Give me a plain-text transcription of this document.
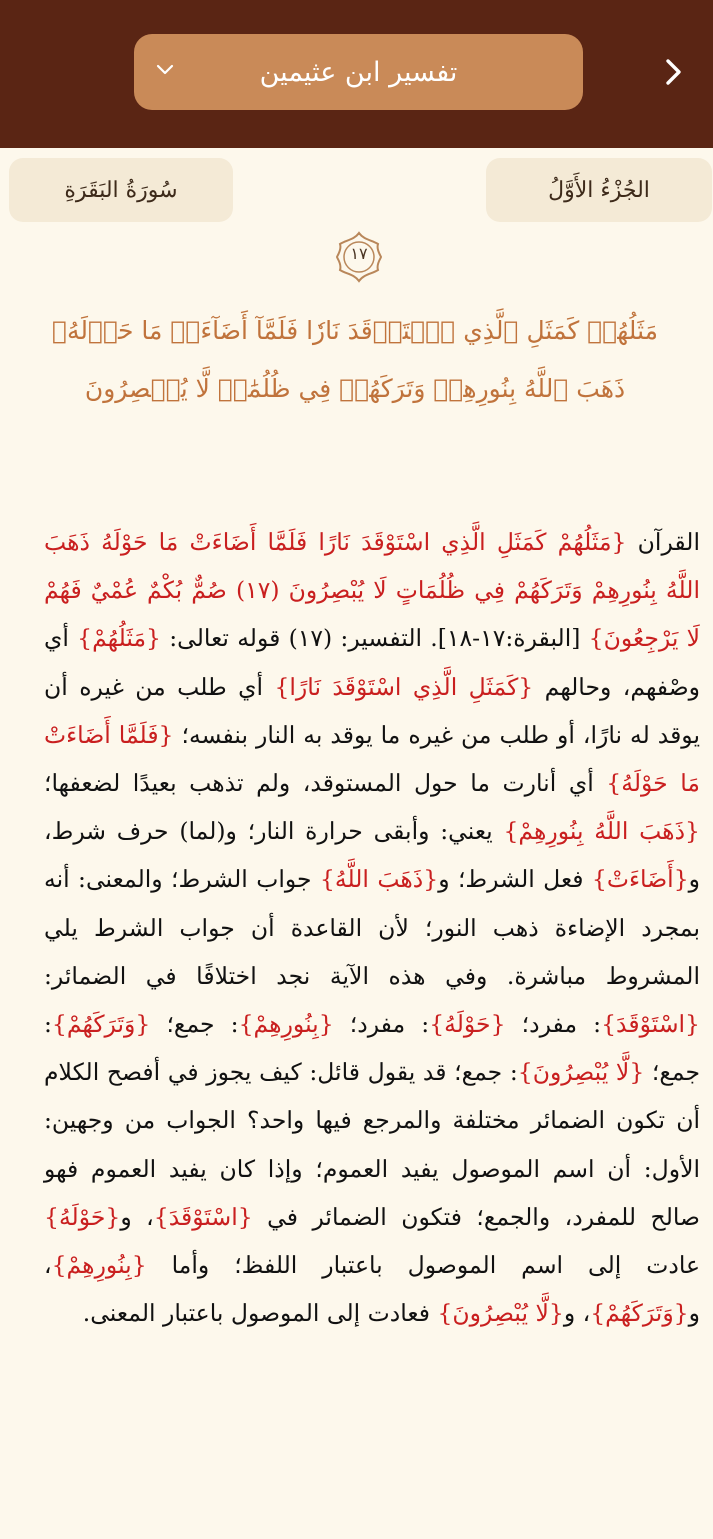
تفسير ابن عثيمين
الجُزْءُ الأَوَّلُ
سُورَةُ البَقَرَةِ
١٧
مَثَلُهُمۡ كَمَثَلِ ٱلَّذِي ٱسۡتَوۡقَدَ نَارٗا فَلَمَّآ أَضَآءَتۡ مَا حَوۡلَهُۥ ذَهَبَ ٱللَّهُ بِنُورِهِمۡ وَتَرَكَهُمۡ فِي ظُلُمَٰتٖ لَّا يُبۡصِرُونَ
القرآن {مَثَلُهُمْ كَمَثَلِ الَّذِي اسْتَوْقَدَ نَارًا فَلَمَّا أَضَاءَتْ مَا حَوْلَهُ ذَهَبَ اللَّهُ بِنُورِهِمْ وَتَرَكَهُمْ فِي ظُلُمَاتٍ لَا يُبْصِرُونَ (١٧) صُمٌّ بُكْمٌ عُمْيٌ فَهُمْ لَا يَرْجِعُونَ} [البقرة:١٧-١٨]. التفسير: (١٧) قوله تعالى: {مَثَلُهُمْ} أي وصْفهم، وحالهم {كَمَثَلِ الَّذِي اسْتَوْقَدَ نَارًا} أي طلب من غيره أن يوقد له نارًا، أو طلب من غيره ما يوقد به النار بنفسه؛ {فَلَمَّا أَضَاءَتْ مَا حَوْلَهُ} أي أنارت ما حول المستوقد، ولم تذهب بعيدًا لضعفها؛ {ذَهَبَ اللَّهُ بِنُورِهِمْ} يعني: وأبقى حرارة النار؛ و(لما) حرف شرط، و{أَضَاءَتْ} فعل الشرط؛ و{ذَهَبَ اللَّهُ} جواب الشرط؛ والمعنى: أنه بمجرد الإضاءة ذهب النور؛ لأن القاعدة أن جواب الشرط يلي المشروط مباشرة. وفي هذه الآية نجد اختلافًا في الضمائر: {اسْتَوْقَدَ}: مفرد؛ {حَوْلَهُ}: مفرد؛ {بِنُورِهِمْ}: جمع؛ {وَتَرَكَهُمْ}: جمع؛ {لَّا يُبْصِرُونَ}: جمع؛ قد يقول قائل: كيف يجوز في أفصح الكلام أن تكون الضمائر مختلفة والمرجع فيها واحد؟ الجواب من وجهين: الأول: أن اسم الموصول يفيد العموم؛ وإذا كان يفيد العموم فهو صالح للمفرد، والجمع؛ فتكون الضمائر في {اسْتَوْقَدَ}، و{حَوْلَهُ} عادت إلى اسم الموصول باعتبار اللفظ؛ وأما {بِنُورِهِمْ}، و{وَتَرَكَهُمْ}، و{لَّا يُبْصِرُونَ} فعادت إلى الموصول باعتبار المعنى.
